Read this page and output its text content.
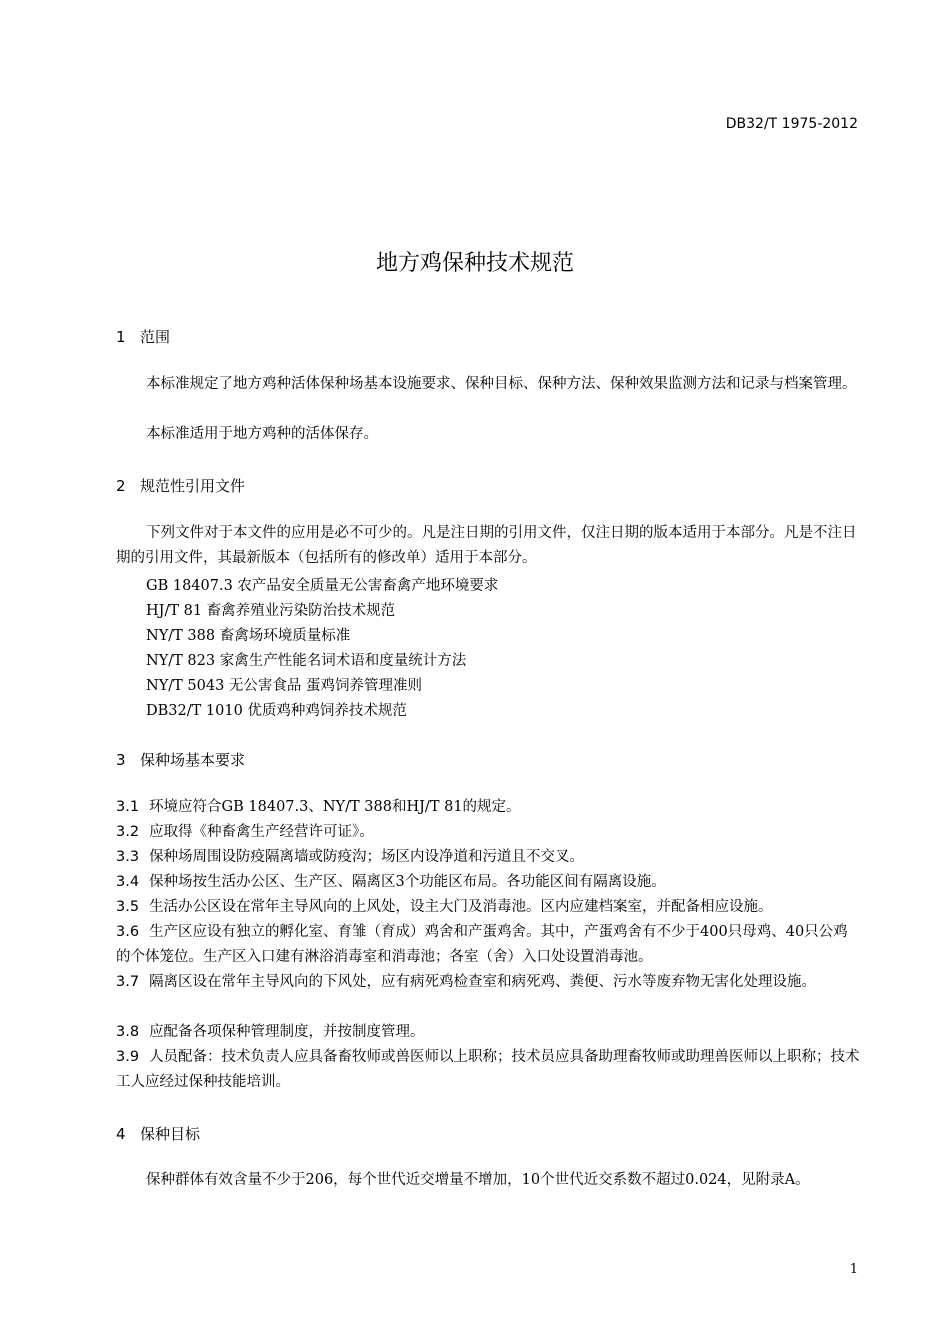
DB32/T 1975-2012
地方鸡保种技术规范
1 范围
本标准规定了地方鸡种活体保种场基本设施要求、保种目标、保种方法、保种效果监测方法和记录与档案管理。
本标准适用于地方鸡种的活体保存。
2 规范性引用文件
下列文件对于本文件的应用是必不可少的。凡是注日期的引用文件，仅注日期的版本适用于本部分。凡是不注日期的引用文件，其最新版本（包括所有的修改单）适用于本部分。
GB 18407.3 农产品安全质量无公害畜禽产地环境要求
HJ/T 81 畜禽养殖业污染防治技术规范
NY/T 388 畜禽场环境质量标准
NY/T 823 家禽生产性能名词术语和度量统计方法
NY/T 5043 无公害食品 蛋鸡饲养管理准则
DB32/T 1010 优质鸡种鸡饲养技术规范
3 保种场基本要求
3.1 环境应符合GB 18407.3、NY/T 388和HJ/T 81的规定。
3.2 应取得《种畜禽生产经营许可证》。
3.3 保种场周围设防疫隔离墙或防疫沟；场区内设净道和污道且不交叉。
3.4 保种场按生活办公区、生产区、隔离区3个功能区布局。各功能区间有隔离设施。
3.5 生活办公区设在常年主导风向的上风处，设主大门及消毒池。区内应建档案室，并配备相应设施。
3.6 生产区应设有独立的孵化室、育雏（育成）鸡舍和产蛋鸡舍。其中，产蛋鸡舍有不少于400只母鸡、40只公鸡的个体笼位。生产区入口建有淋浴消毒室和消毒池；各室（舍）入口处设置消毒池。
3.7 隔离区设在常年主导风向的下风处，应有病死鸡检查室和病死鸡、粪便、污水等废弃物无害化处理设施。
3.8 应配备各项保种管理制度，并按制度管理。
3.9 人员配备：技术负责人应具备畜牧师或兽医师以上职称；技术员应具备助理畜牧师或助理兽医师以上职称；技术工人应经过保种技能培训。
4 保种目标
保种群体有效含量不少于206，每个世代近交增量不增加，10个世代近交系数不超过0.024，见附录A。
1
